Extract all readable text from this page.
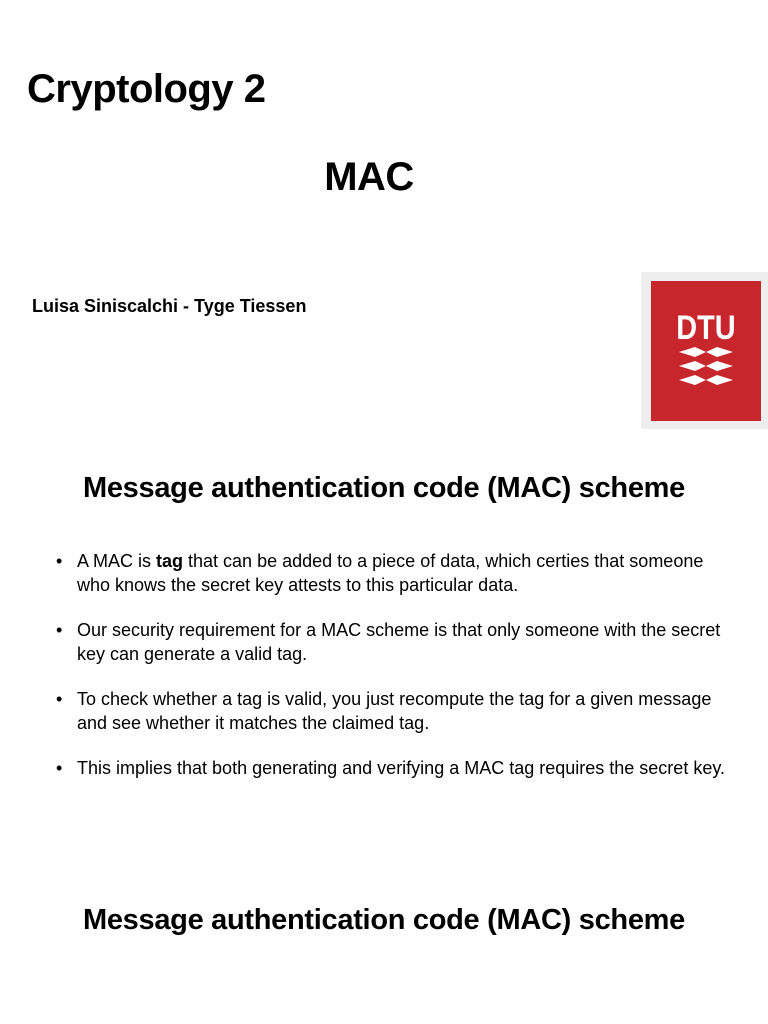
Cryptology 2
MAC
Luisa Siniscalchi - Tyge Tiessen
DTU
Message authentication code (MAC) scheme
• A MAC is tag that can be added to a piece of data, which certies that someone who knows the secret key attests to this particular data.
• Our security requirement for a MAC scheme is that only someone with the secret key can generate a valid tag.
• To check whether a tag is valid, you just recompute the tag for a given message and see whether it matches the claimed tag.
• This implies that both generating and verifying a MAC tag requires the secret key.
Message authentication code (MAC) scheme
